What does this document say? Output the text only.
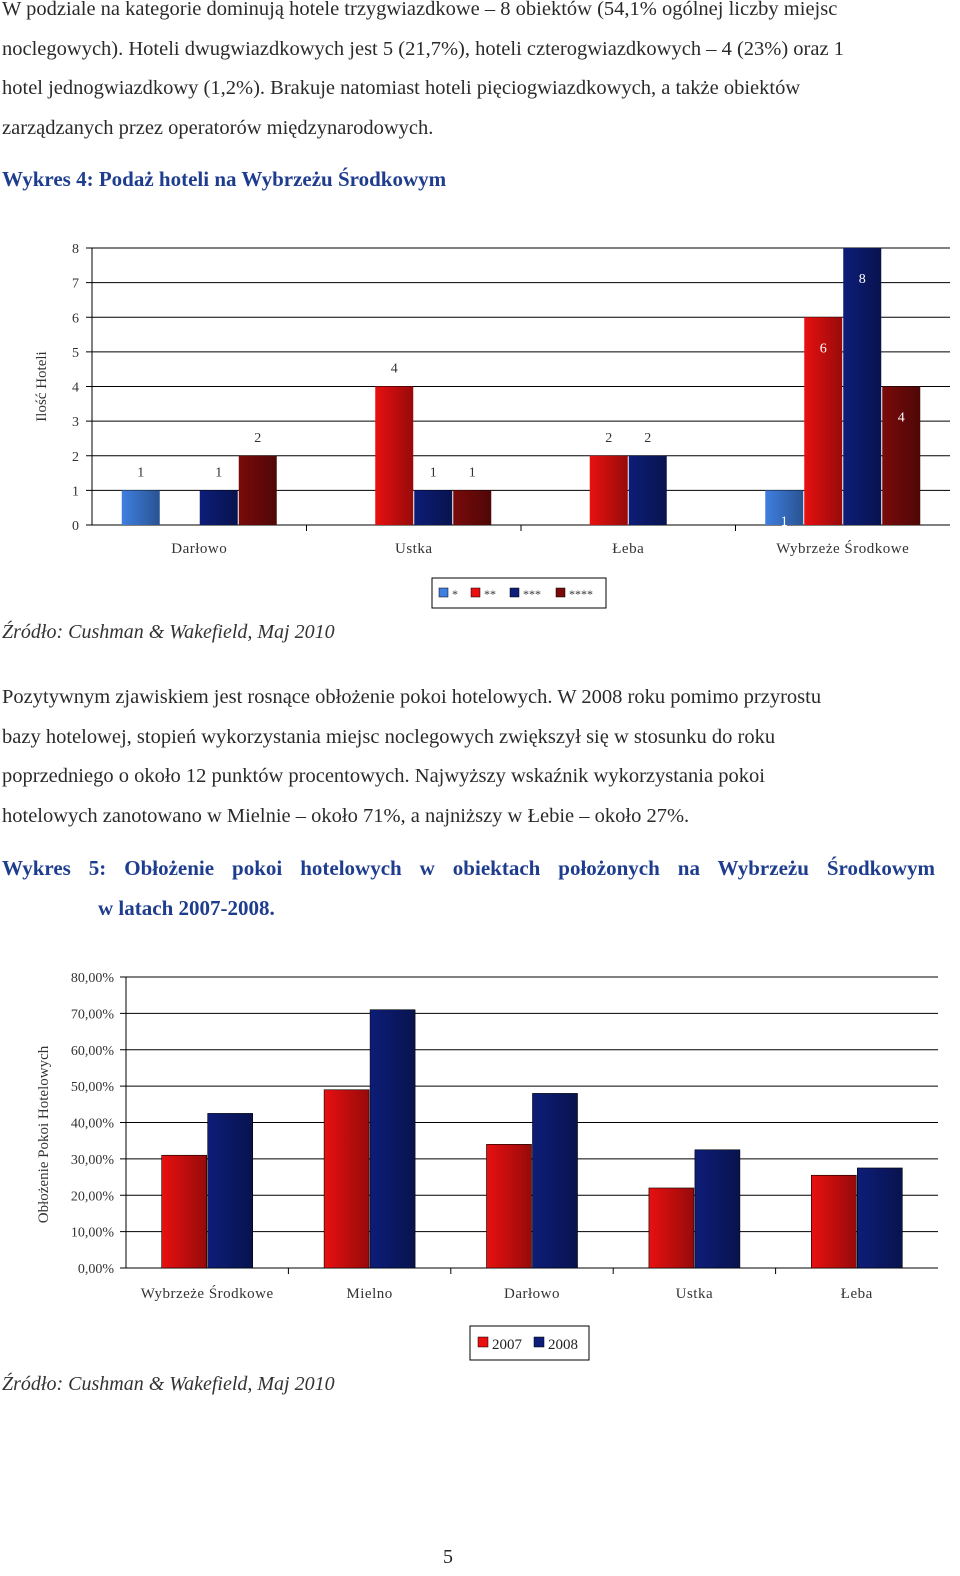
W podziale na kategorie dominują hotele trzygwiazdkowe – 8 obiektów (54,1% ogólnej liczby miejsc
noclegowych). Hoteli dwugwiazdkowych jest 5 (21,7%), hoteli czterogwiazdkowych – 4 (23%) oraz 1
hotel jednogwiazdkowy (1,2%). Brakuje natomiast hoteli pięciogwiazdkowych, a także obiektów
zarządzanych przez operatorów międzynarodowych.
Wykres 4: Podaż hoteli na Wybrzeżu Środkowym
Ilość Hoteli
0
1
2
3
4
5
6
7
8
Darłowo
1	1
2
Ustka
4
1 1
Łeba
2 2
Wybrzeże Środkowe
1
6
8
4
* ** *** ****
Źródło: Cushman & Wakefield, Maj 2010
Pozytywnym zjawiskiem jest rosnące obłożenie pokoi hotelowych. W 2008 roku pomimo przyrostu
bazy hotelowej, stopień wykorzystania miejsc noclegowych zwiększył się w stosunku do roku
poprzedniego o około 12 punktów procentowych. Najwyższy wskaźnik wykorzystania pokoi
hotelowych zanotowano w Mielnie – około 71%, a najniższy w Łebie – około 27%.
Wykres 5: Obłożenie pokoi hotelowych w obiektach położonych na Wybrzeżu Środkowym
w latach 2007-2008.
Obłożenie Pokoi Hotelowych
0,00%
10,00%
20,00%
30,00%
40,00%
50,00%
60,00%
70,00%
80,00%
Wybrzeże Środkowe	Mielno	Darłowo	Ustka	Łeba
2007 2008
Źródło: Cushman & Wakefield, Maj 2010
5
